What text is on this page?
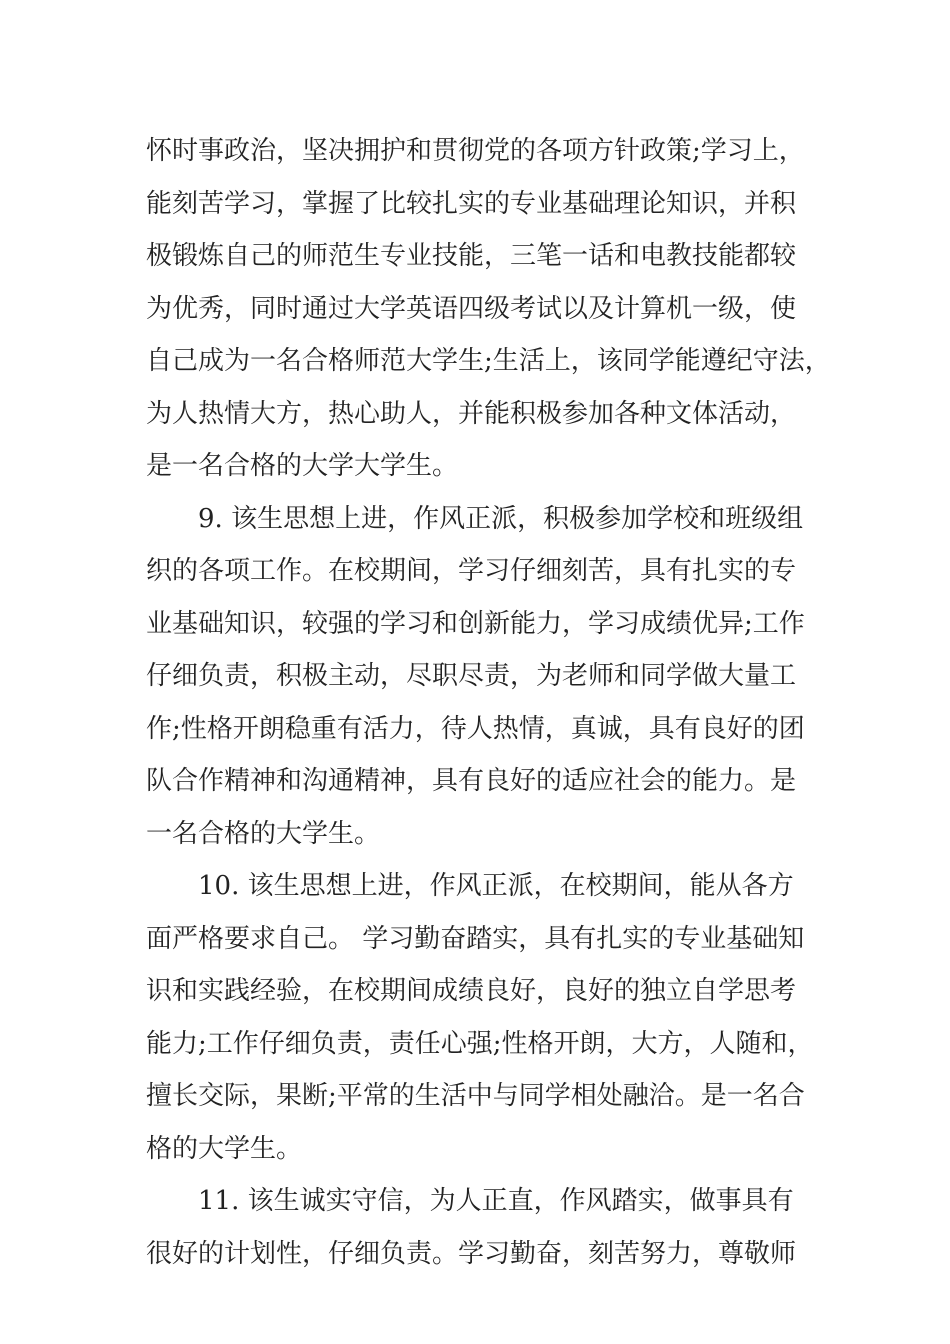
怀时事政治，坚决拥护和贯彻党的各项方针政策;学习上，
能刻苦学习，掌握了比较扎实的专业基础理论知识，并积
极锻炼自己的师范生专业技能，三笔一话和电教技能都较
为优秀，同时通过大学英语四级考试以及计算机一级，使
自己成为一名合格师范大学生;生活上，该同学能遵纪守法，
为人热情大方，热心助人，并能积极参加各种文体活动，
是一名合格的大学大学生。
9. 该生思想上进，作风正派，积极参加学校和班级组
织的各项工作。在校期间，学习仔细刻苦，具有扎实的专
业基础知识，较强的学习和创新能力，学习成绩优异;工作
仔细负责，积极主动，尽职尽责，为老师和同学做大量工
作;性格开朗稳重有活力，待人热情，真诚，具有良好的团
队合作精神和沟通精神，具有良好的适应社会的能力。是
一名合格的大学生。
10. 该生思想上进，作风正派，在校期间，能从各方
面严格要求自己。 学习勤奋踏实，具有扎实的专业基础知
识和实践经验，在校期间成绩良好，良好的独立自学思考
能力;工作仔细负责，责任心强;性格开朗，大方，人随和，
擅长交际，果断;平常的生活中与同学相处融洽。是一名合
格的大学生。
11. 该生诚实守信，为人正直，作风踏实，做事具有
很好的计划性，仔细负责。学习勤奋，刻苦努力，尊敬师
